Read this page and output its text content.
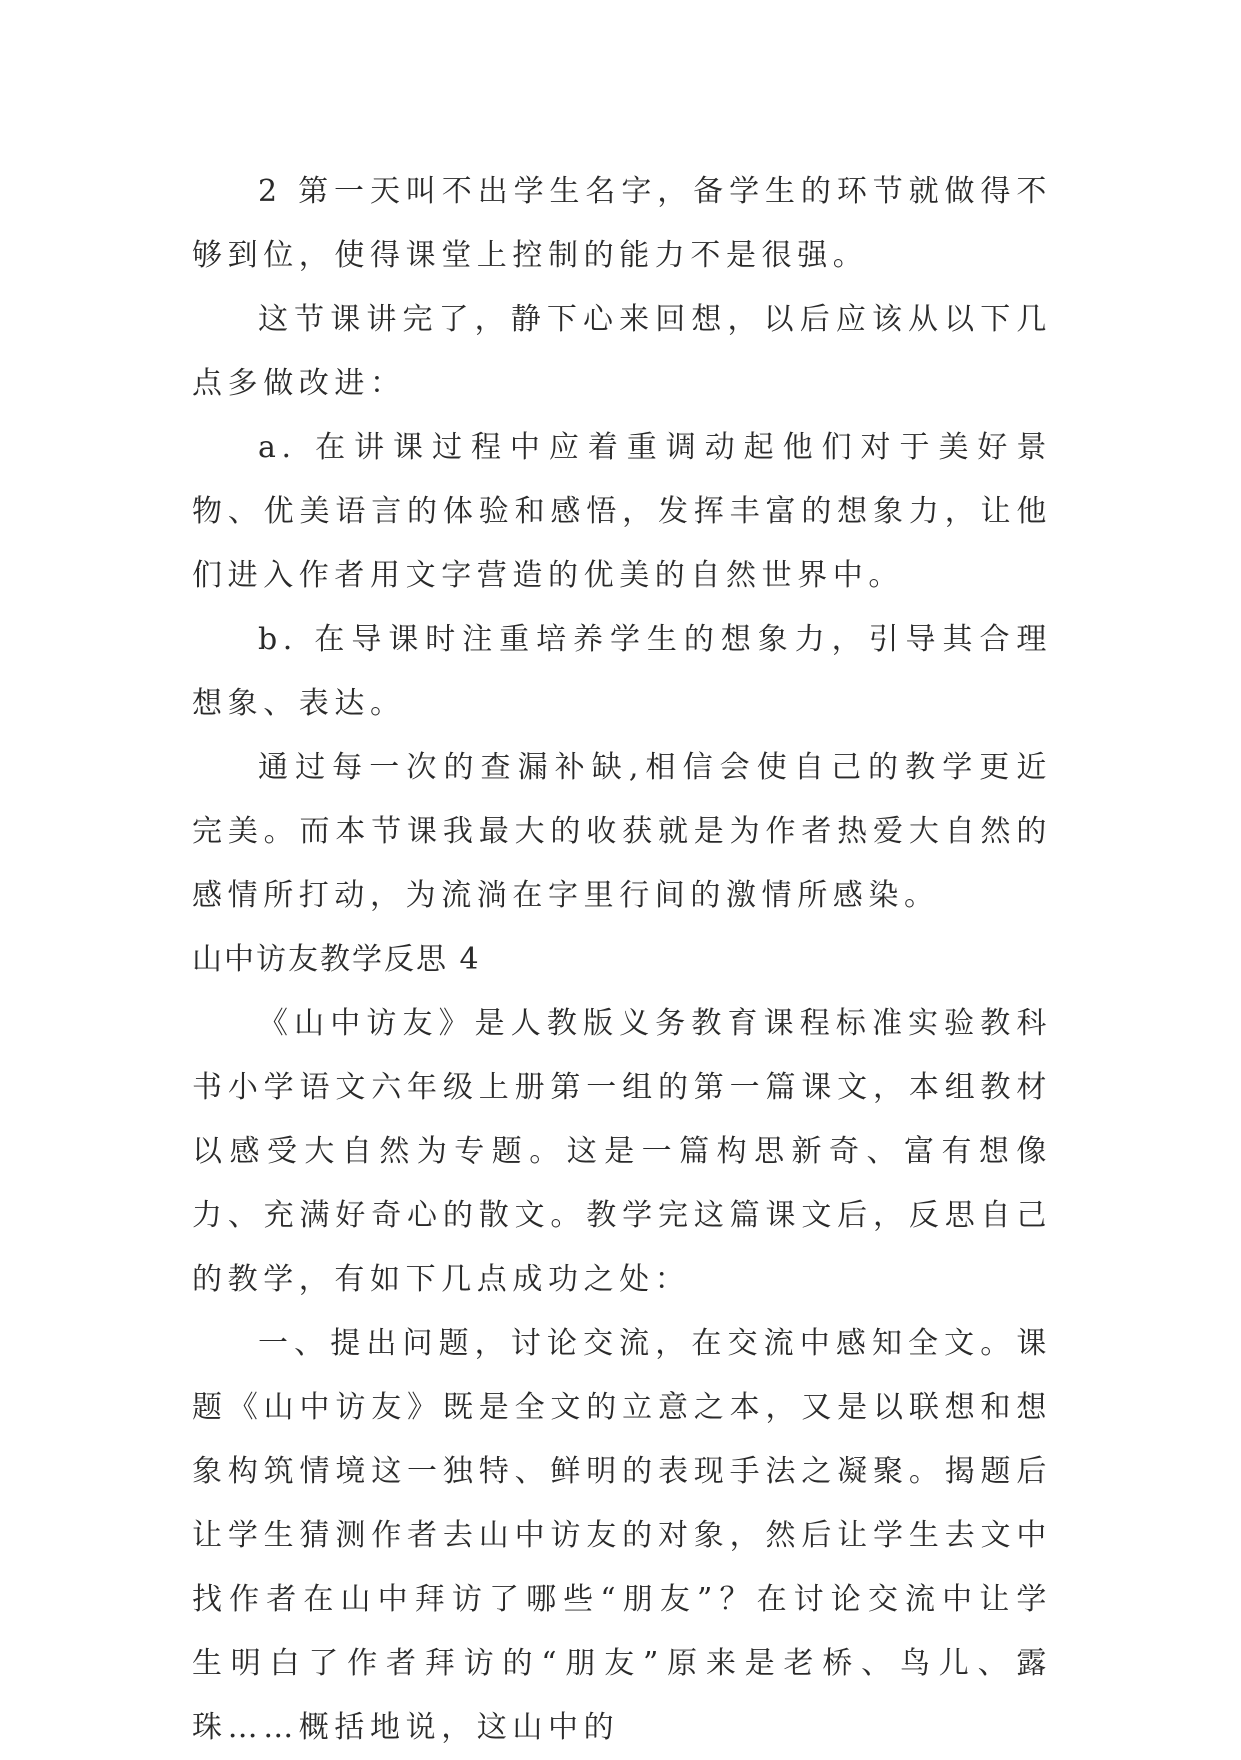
2 第一天叫不出学生名字，备学生的环节就做得不够到位，使得课堂上控制的能力不是很强。

这节课讲完了，静下心来回想，以后应该从以下几点多做改进：

a. 在讲课过程中应着重调动起他们对于美好景物、优美语言的体验和感悟，发挥丰富的想象力，让他们进入作者用文字营造的优美的自然世界中。

b. 在导课时注重培养学生的想象力，引导其合理想象、表达。

通过每一次的查漏补缺,相信会使自己的教学更近完美。而本节课我最大的收获就是为作者热爱大自然的感情所打动，为流淌在字里行间的激情所感染。

山中访友教学反思 4

《山中访友》是人教版义务教育课程标准实验教科书小学语文六年级上册第一组的第一篇课文，本组教材以感受大自然为专题。这是一篇构思新奇、富有想像力、充满好奇心的散文。教学完这篇课文后，反思自己的教学，有如下几点成功之处：

一、提出问题，讨论交流，在交流中感知全文。课题《山中访友》既是全文的立意之本，又是以联想和想象构筑情境这一独特、鲜明的表现手法之凝聚。揭题后让学生猜测作者去山中访友的对象，然后让学生去文中找作者在山中拜访了哪些“朋友”？在讨论交流中让学生明白了作者拜访的“朋友”原来是老桥、鸟儿、露珠……概括地说，这山中的
